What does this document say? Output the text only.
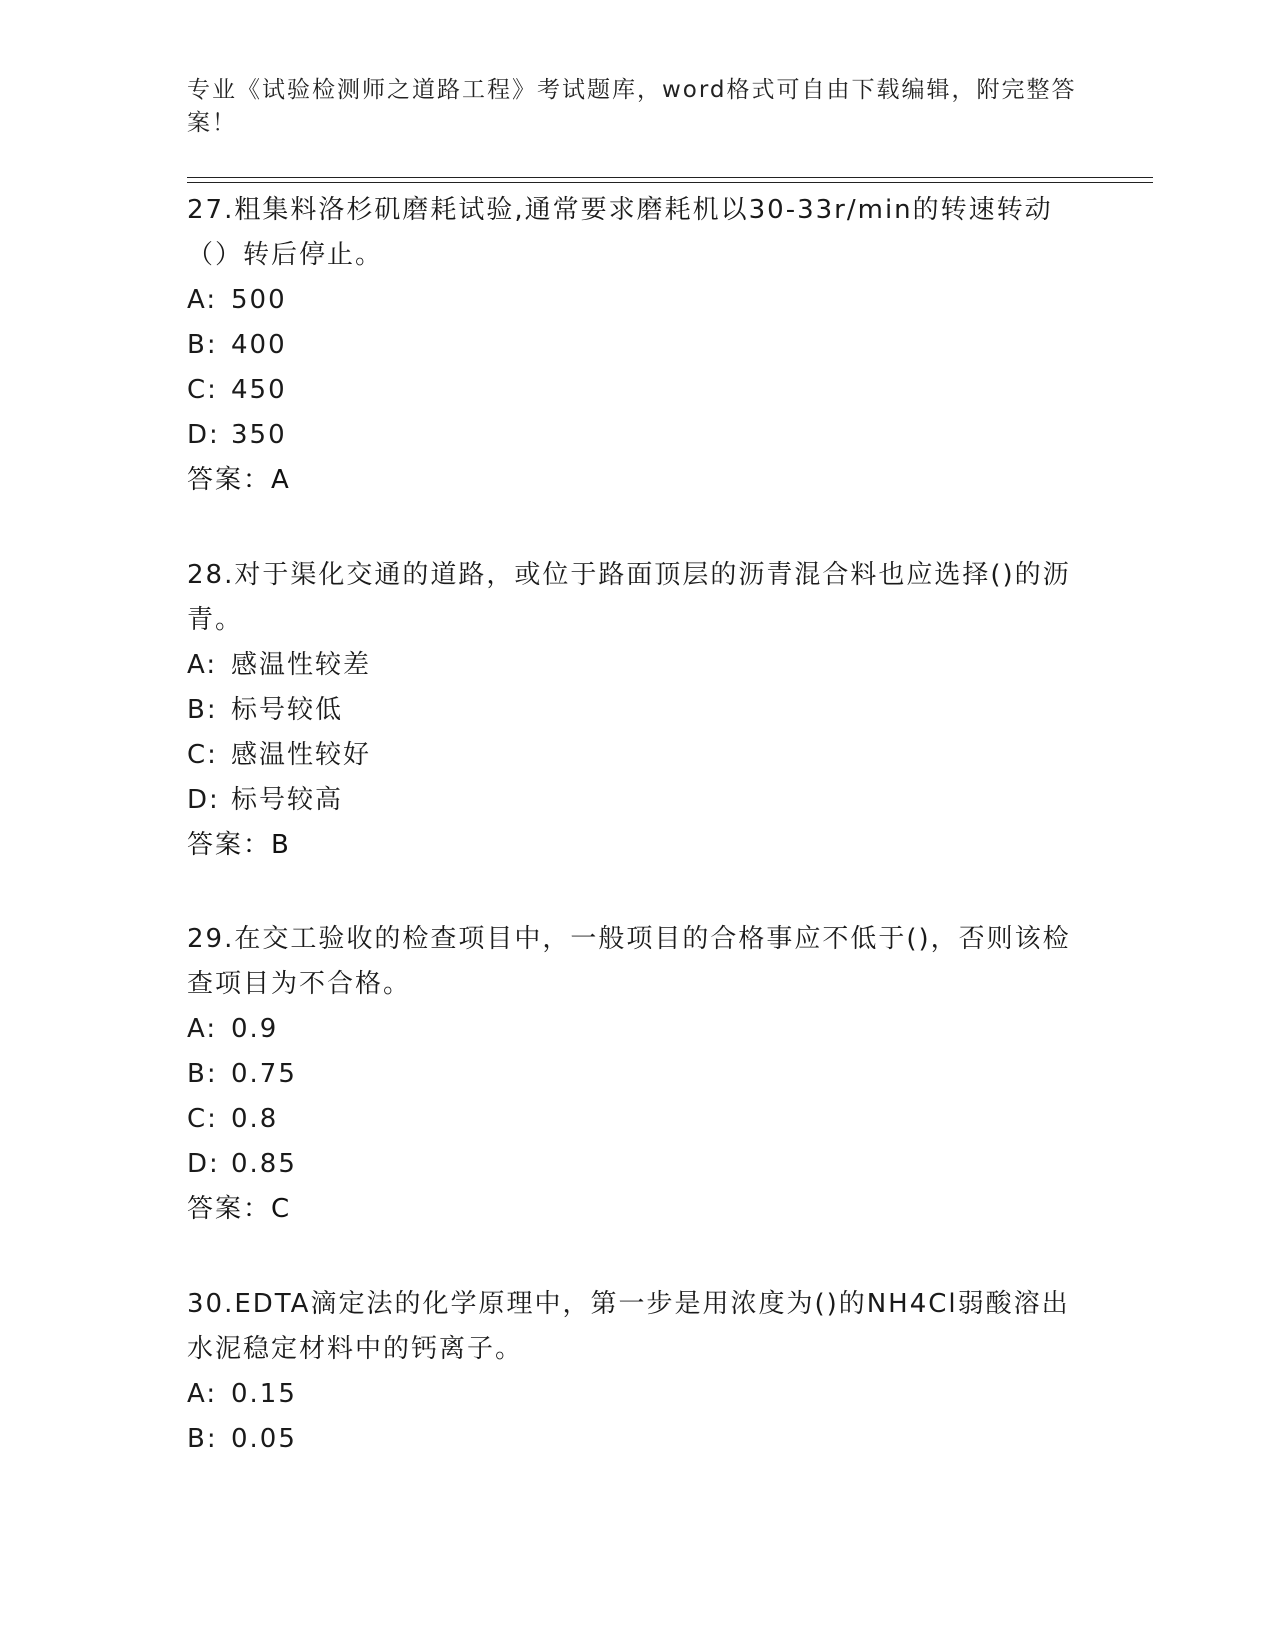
专业《试验检测师之道路工程》考试题库，word格式可自由下载编辑，附完整答案！

27.粗集料洛杉矶磨耗试验,通常要求磨耗机以30-33r/min的转速转动（）转后停止。

A: 500

B: 400

C: 450

D: 350

答案：A

28.对于渠化交通的道路，或位于路面顶层的沥青混合料也应选择()的沥青。

A: 感温性较差

B: 标号较低

C: 感温性较好

D: 标号较高

答案：B

29.在交工验收的检查项目中，一般项目的合格事应不低于()，否则该检查项目为不合格。

A: 0.9

B: 0.75

C: 0.8

D: 0.85

答案：C

30.EDTA滴定法的化学原理中，第一步是用浓度为()的NH4Cl弱酸溶出水泥稳定材料中的钙离子。

A: 0.15

B: 0.05
